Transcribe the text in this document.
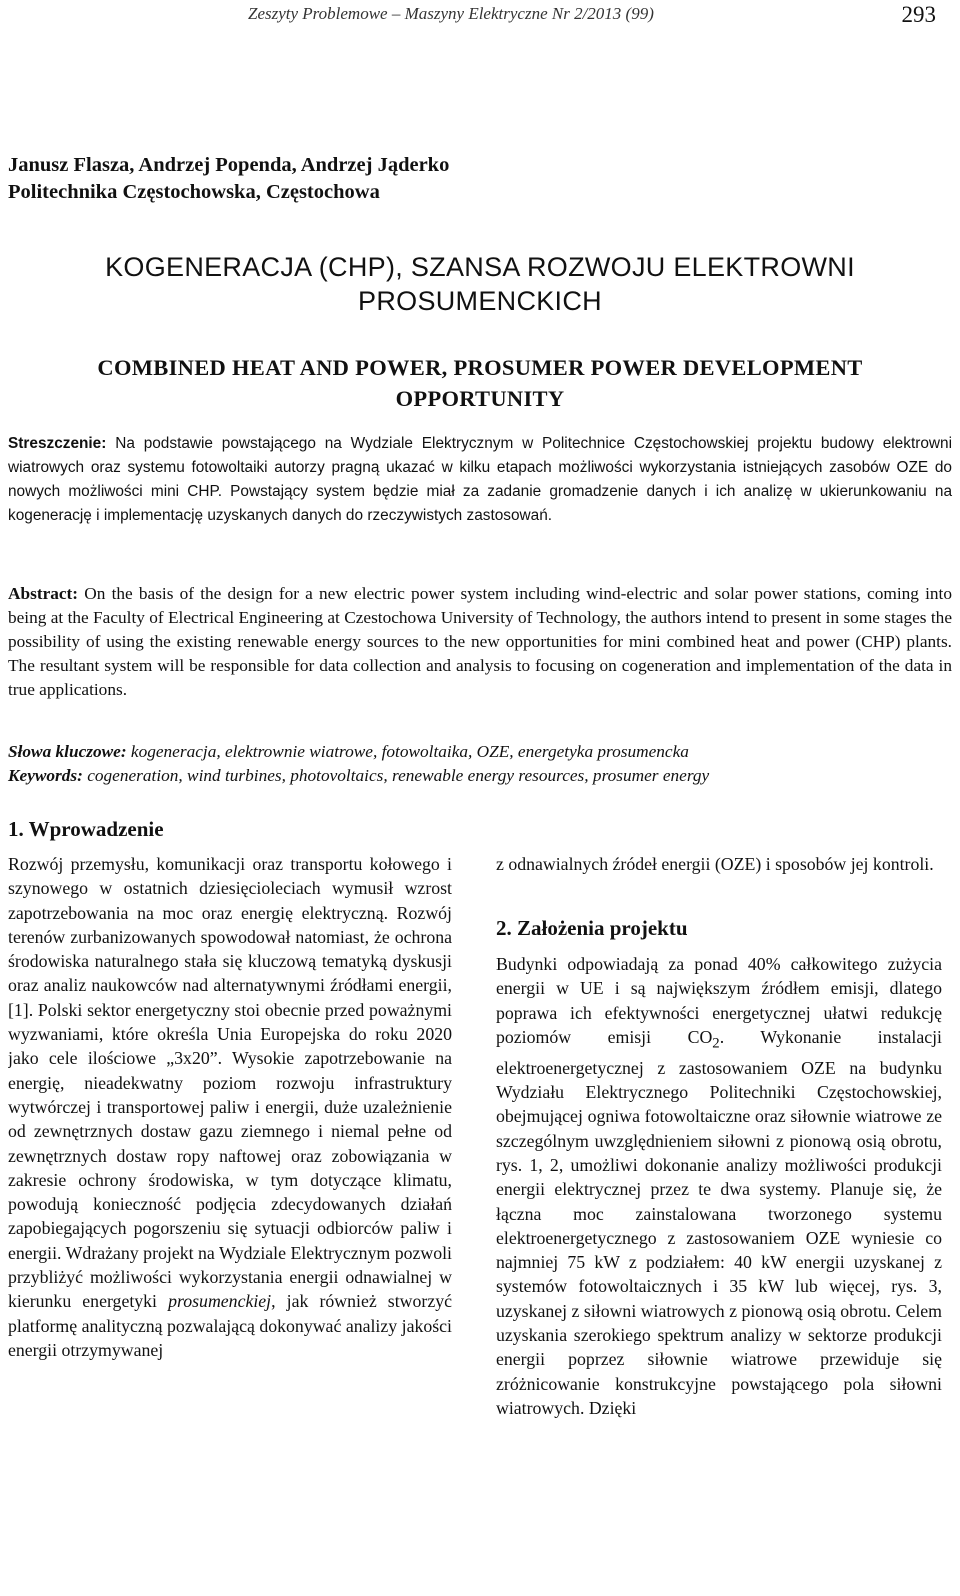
Zeszyty Problemowe – Maszyny Elektryczne Nr 2/2013 (99)	293
Janusz Flasza, Andrzej Popenda, Andrzej Jąderko
Politechnika Częstochowska, Częstochowa
KOGENERACJA (CHP), SZANSA ROZWOJU ELEKTROWNI
PROSUMENCKICH
COMBINED HEAT AND POWER, PROSUMER POWER DEVELOPMENT
OPPORTUNITY

Streszczenie: Na podstawie powstającego na Wydziale Elektrycznym w Politechnice Częstochowskiej projektu budowy elektrowni wiatrowych oraz systemu fotowoltaiki autorzy pragną ukazać w kilku etapach możliwości wykorzystania istniejących zasobów OZE do nowych możliwości mini CHP. Powstający system będzie miał za zadanie gromadzenie danych i ich analizę w ukierunkowaniu na kogenerację i implementację uzyskanych danych do rzeczywistych zastosowań.

Abstract: On the basis of the design for a new electric power system including wind-electric and solar power stations, coming into being at the Faculty of Electrical Engineering at Czestochowa University of Technology, the authors intend to present in some stages the possibility of using the existing renewable energy sources to the new opportunities for mini combined heat and power (CHP) plants. The resultant system will be responsible for data collection and analysis to focusing on cogeneration and implementation of the data in true applications.

Słowa kluczowe: kogeneracja, elektrownie wiatrowe, fotowoltaika, OZE, energetyka prosumencka

Keywords: cogeneration, wind turbines, photovoltaics, renewable energy resources, prosumer energy

1. Wprowadzenie

Rozwój przemysłu, komunikacji oraz transportu kołowego i szynowego w ostatnich dziesięcioleciach wymusił wzrost zapotrzebowania na moc oraz energię elektryczną. Rozwój terenów zurbanizowanych spowodował natomiast, że ochrona środowiska naturalnego stała się kluczową tematyką dyskusji oraz analiz naukowców nad alternatywnymi źródłami energii, [1]. Polski sektor energetyczny stoi obecnie przed poważnymi wyzwaniami, które określa Unia Europejska do roku 2020 jako cele ilościowe „3x20”. Wysokie zapotrzebowanie na energię, nieadekwatny poziom rozwoju infrastruktury wytwórczej i transportowej paliw i energii, duże uzależnienie od zewnętrznych dostaw gazu ziemnego i niemal pełne od zewnętrznych dostaw ropy naftowej oraz zobowiązania w zakresie ochrony środowiska, w tym dotyczące klimatu, powodują konieczność podjęcia zdecydowanych działań zapobiegających pogorszeniu się sytuacji odbiorców paliw i energii. Wdrażany projekt na Wydziale Elektrycznym pozwoli przybliżyć możliwości wykorzystania energii odnawialnej w kierunku energetyki prosumenckiej, jak również stworzyć platformę analityczną pozwalającą dokonywać analizy jakości energii otrzymywanej

z odnawialnych źródeł energii (OZE) i sposobów jej kontroli.

2. Założenia projektu

Budynki odpowiadają za ponad 40% całkowitego zużycia energii w UE i są największym źródłem emisji, dlatego poprawa ich efektywności energetycznej ułatwi redukcję poziomów emisji $CO_2$. Wykonanie instalacji elektroenergetycznej z zastosowaniem OZE na budynku Wydziału Elektrycznego Politechniki Częstochowskiej, obejmującej ogniwa fotowoltaiczne oraz siłownie wiatrowe ze szczególnym uwzględnieniem siłowni z pionową osią obrotu, rys. 1, 2, umożliwi dokonanie analizy możliwości produkcji energii elektrycznej przez te dwa systemy. Planuje się, że łączna moc zainstalowana tworzonego systemu elektroenergetycznego z zastosowaniem OZE wyniesie co najmniej 75 kW z podziałem: 40 kW energii uzyskanej z systemów fotowoltaicznych i 35 kW lub więcej, rys. 3, uzyskanej z siłowni wiatrowych z pionową osią obrotu. Celem uzyskania szerokiego spektrum analizy w sektorze produkcji energii poprzez siłownie wiatrowe przewiduje się zróżnicowanie konstrukcyjne powstającego pola siłowni wiatrowych. Dzięki
